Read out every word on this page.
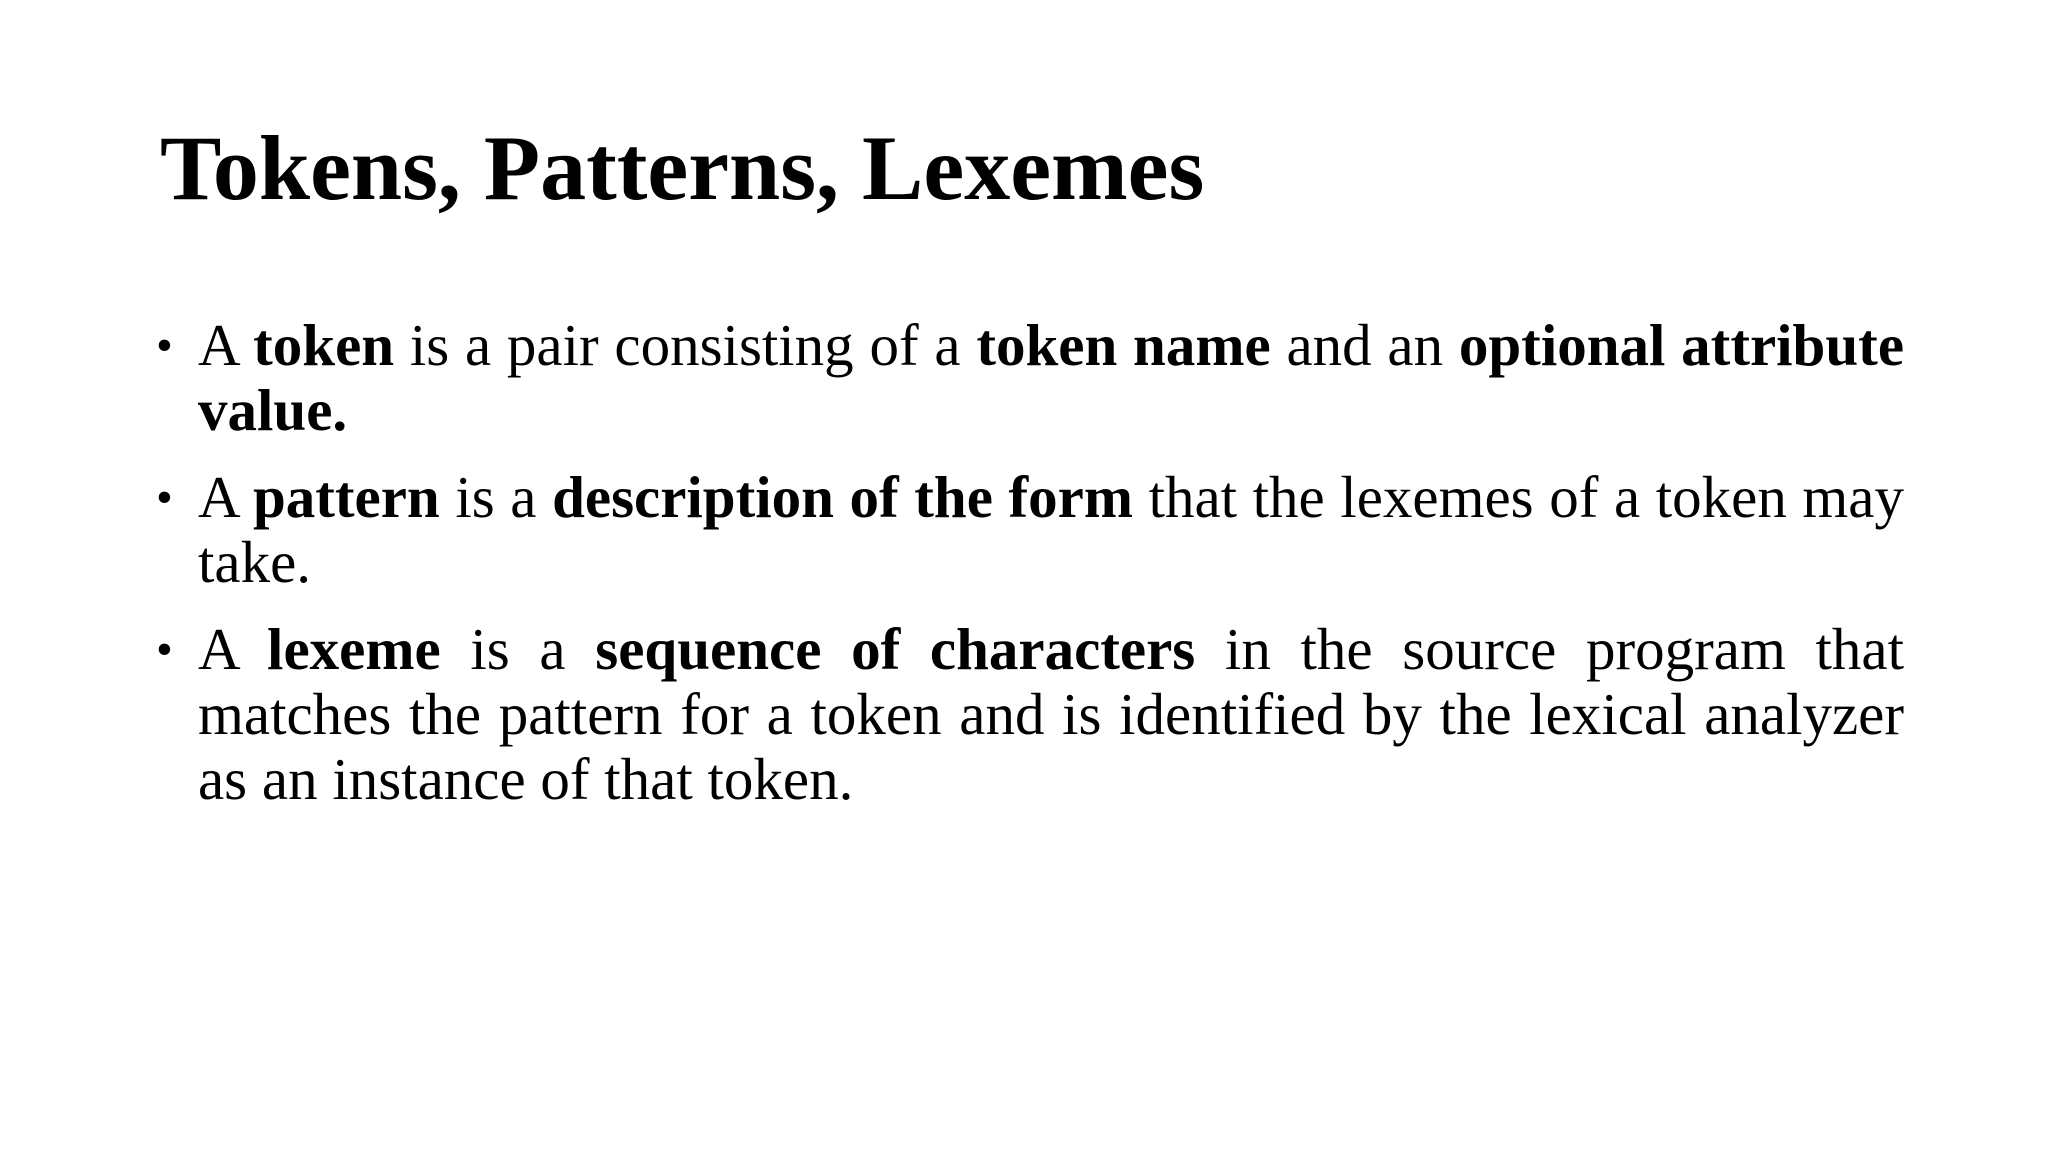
Tokens, Patterns, Lexemes
• A token is a pair consisting of a token name and an optional attribute value.
• A pattern is a description of the form that the lexemes of a token may take.
• A lexeme is a sequence of characters in the source program that matches the pattern for a token and is identified by the lexical analyzer as an instance of that token.
